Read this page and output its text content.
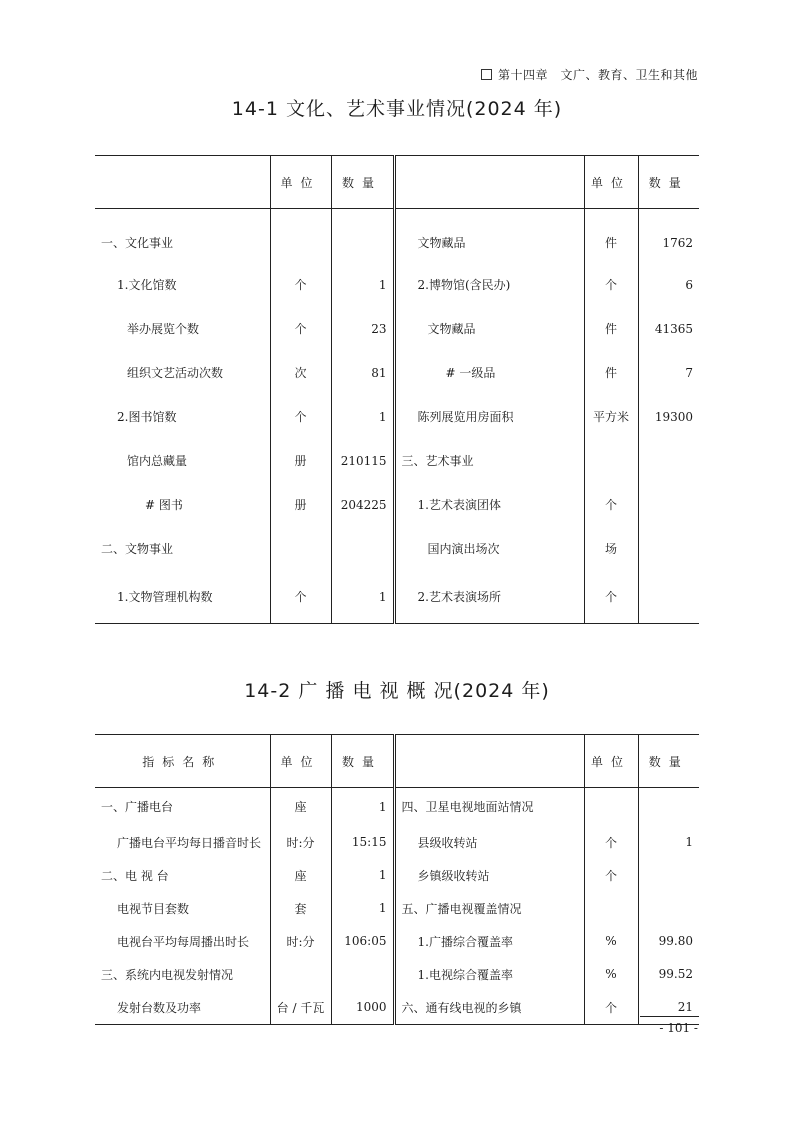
第十四章　文广、教育、卫生和其他
14-1 文化、艺术事业情况(2024 年)
	单位	数量		单位	数量
一、文化事业			文物藏品	件	1762
1.文化馆数	个	1	2.博物馆(含民办)	个	6
举办展览个数	个	23	文物藏品	件	41365
组织文艺活动次数	次	81	# 一级品	件	7
2.图书馆数	个	1	陈列展览用房面积	平方米	19300
馆内总藏量	册	210115	三、艺术事业		
# 图书	册	204225	1.艺术表演团体	个	
二、文物事业			国内演出场次	场	
1.文物管理机构数	个	1	2.艺术表演场所	个	
14-2 广 播 电 视 概 况(2024 年)
指标名称	单位	数量		单位	数量
一、广播电台	座	1	四、卫星电视地面站情况		
广播电台平均每日播音时长	时:分	15:15	县级收转站	个	1
二、电 视 台	座	1	乡镇级收转站	个	
电视节目套数	套	1	五、广播电视覆盖情况		
电视台平均每周播出时长	时:分	106:05	1.广播综合覆盖率	%	99.80
三、系统内电视发射情况			1.电视综合覆盖率	%	99.52
发射台数及功率	台 / 千瓦	1000	六、通有线电视的乡镇	个	21
- 101 -
